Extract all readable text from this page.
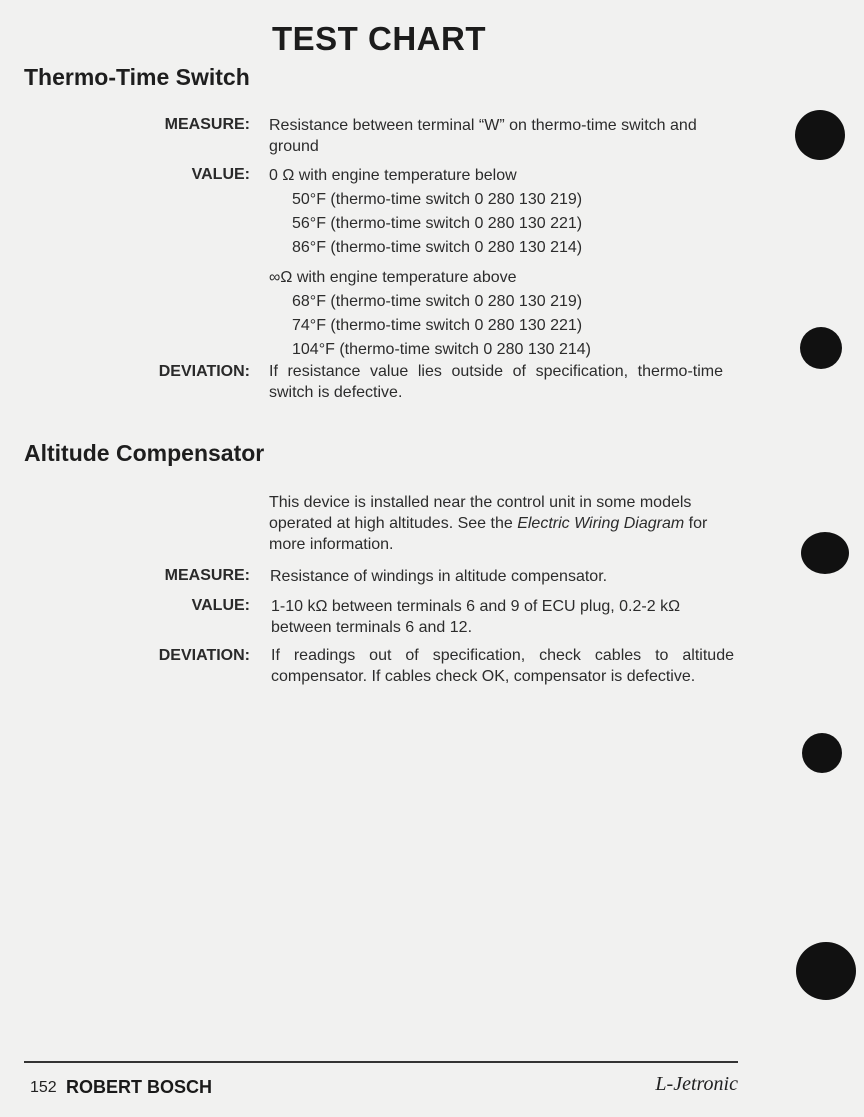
TEST CHART
Thermo-Time Switch
MEASURE: Resistance between terminal “W” on thermo-time switch and ground
VALUE: 0 Ω with engine temperature below
50°F (thermo-time switch 0 280 130 219)
56°F (thermo-time switch 0 280 130 221)
86°F (thermo-time switch 0 280 130 214)
∞Ω with engine temperature above
68°F (thermo-time switch 0 280 130 219)
74°F (thermo-time switch 0 280 130 221)
104°F (thermo-time switch 0 280 130 214)
DEVIATION: If resistance value lies outside of specification, thermo-time switch is defective.
Altitude Compensator
This device is installed near the control unit in some models operated at high altitudes. See the Electric Wiring Diagram for more information.
MEASURE: Resistance of windings in altitude compensator.
VALUE: 1-10 kΩ between terminals 6 and 9 of ECU plug, 0.2-2 kΩ between terminals 6 and 12.
DEVIATION: If readings out of specification, check cables to altitude compensator. If cables check OK, compensator is defective.
152 ROBERT BOSCH	L-Jetronic
